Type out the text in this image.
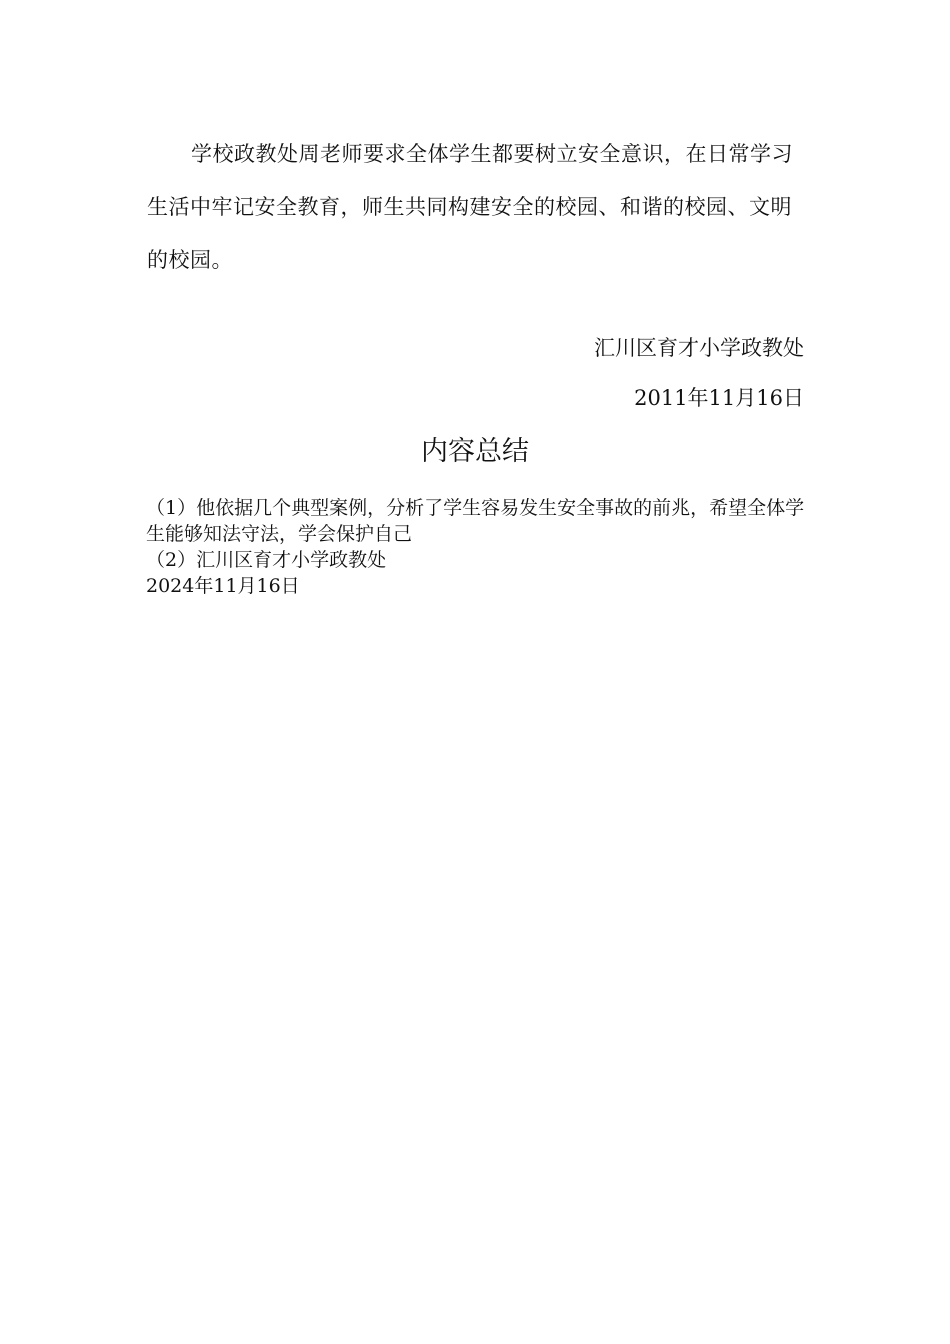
学校政教处周老师要求全体学生都要树立安全意识，在日常学习生活中牢记安全教育，师生共同构建安全的校园、和谐的校园、文明的校园。

汇川区育才小学政教处

2011年11月16日

内容总结

（1）他依据几个典型案例，分析了学生容易发生安全事故的前兆，希望全体学生能够知法守法，学会保护自己

（2）汇川区育才小学政教处

2024年11月16日
